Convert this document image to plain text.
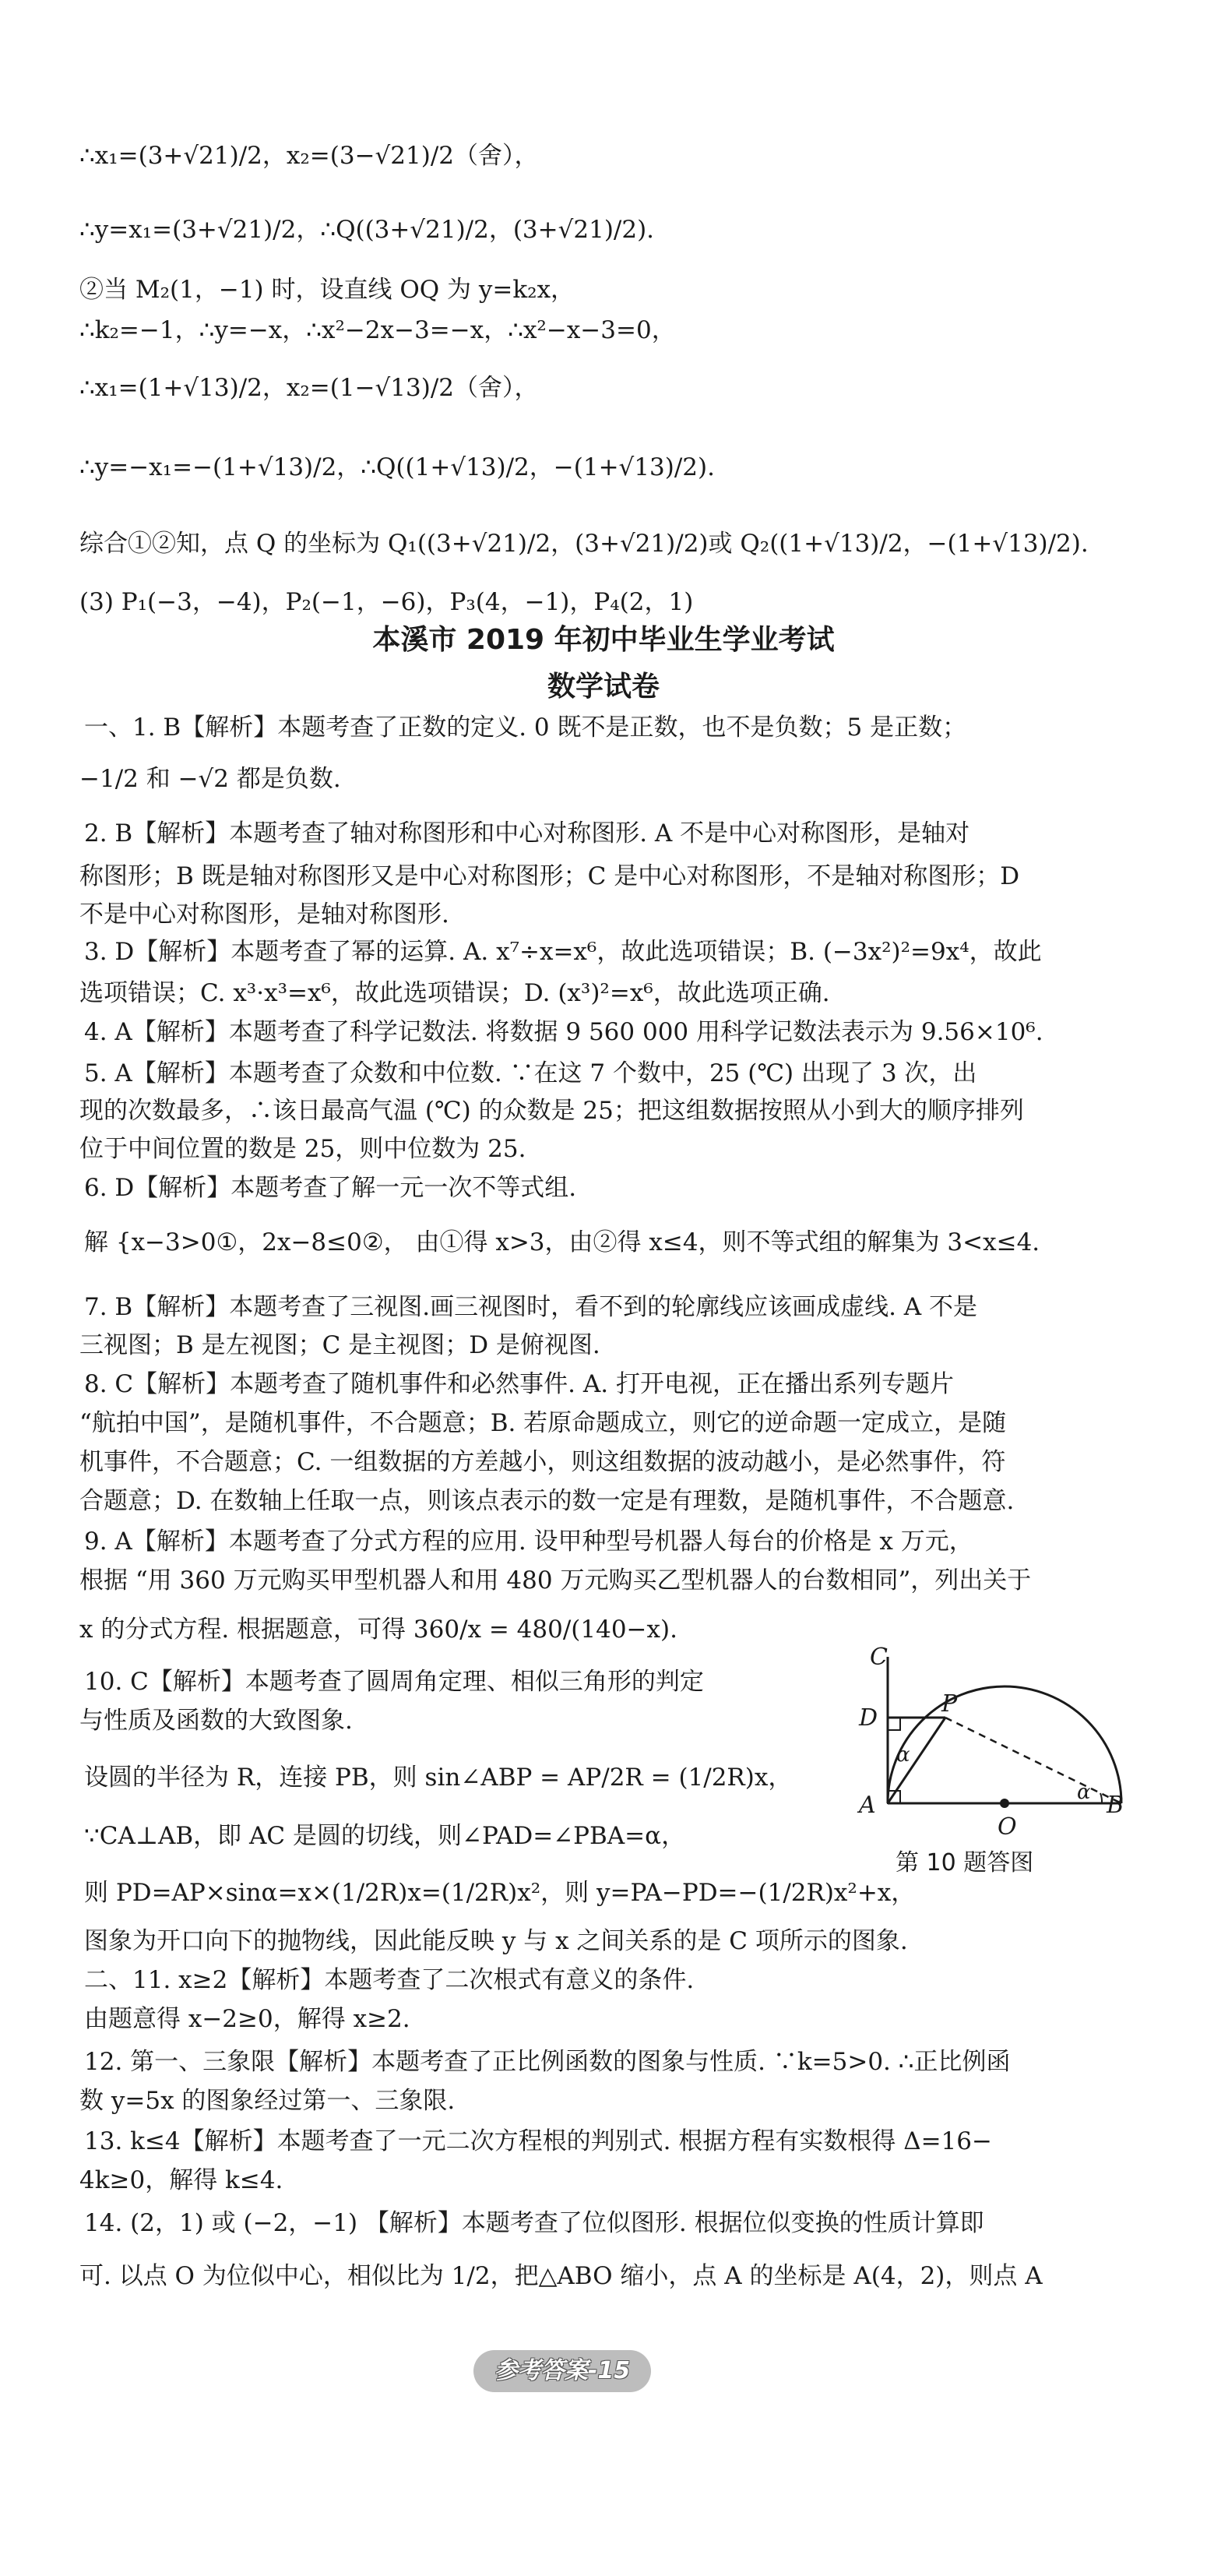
∴x₁=(3+√21)/2，x₂=(3−√21)/2（舍），
∴y=x₁=(3+√21)/2，∴Q((3+√21)/2，(3+√21)/2).
②当 M₂(1，−1) 时，设直线 OQ 为 y=k₂x，
∴k₂=−1，∴y=−x，∴x²−2x−3=−x，∴x²−x−3=0，
∴x₁=(1+√13)/2，x₂=(1−√13)/2（舍），
∴y=−x₁=−(1+√13)/2，∴Q((1+√13)/2，−(1+√13)/2).
综合①②知，点 Q 的坐标为 Q₁((3+√21)/2，(3+√21)/2)或 Q₂((1+√13)/2，−(1+√13)/2).
(3) P₁(−3，−4)，P₂(−1，−6)，P₃(4，−1)，P₄(2，1)
本溪市 2019 年初中毕业生学业考试
数学试卷
一、1. B【解析】本题考查了正数的定义. 0 既不是正数，也不是负数；5 是正数；
−1/2 和 −√2 都是负数.
2. B【解析】本题考查了轴对称图形和中心对称图形. A 不是中心对称图形，是轴对
称图形；B 既是轴对称图形又是中心对称图形；C 是中心对称图形，不是轴对称图形；D
不是中心对称图形，是轴对称图形.
3. D【解析】本题考查了幂的运算. A. x⁷÷x=x⁶，故此选项错误；B. (−3x²)²=9x⁴，故此
选项错误；C. x³·x³=x⁶，故此选项错误；D. (x³)²=x⁶，故此选项正确.
4. A【解析】本题考查了科学记数法. 将数据 9 560 000 用科学记数法表示为 9.56×10⁶.
5. A【解析】本题考查了众数和中位数. ∵在这 7 个数中，25 (℃) 出现了 3 次，出
现的次数最多，∴该日最高气温 (℃) 的众数是 25；把这组数据按照从小到大的顺序排列
位于中间位置的数是 25，则中位数为 25.
6. D【解析】本题考查了解一元一次不等式组.
解 {x−3>0①，2x−8≤0②， 由①得 x>3，由②得 x≤4，则不等式组的解集为 3<x≤4.
7. B【解析】本题考查了三视图.画三视图时，看不到的轮廓线应该画成虚线. A 不是
三视图；B 是左视图；C 是主视图；D 是俯视图.
8. C【解析】本题考查了随机事件和必然事件. A. 打开电视，正在播出系列专题片
“航拍中国”，是随机事件，不合题意；B. 若原命题成立，则它的逆命题一定成立，是随
机事件，不合题意；C. 一组数据的方差越小，则这组数据的波动越小，是必然事件，符
合题意；D. 在数轴上任取一点，则该点表示的数一定是有理数，是随机事件，不合题意.
9. A【解析】本题考查了分式方程的应用. 设甲种型号机器人每台的价格是 x 万元，
根据 “用 360 万元购买甲型机器人和用 480 万元购买乙型机器人的台数相同”，列出关于
x 的分式方程. 根据题意，可得 360/x = 480/(140−x).
10. C【解析】本题考查了圆周角定理、相似三角形的判定
与性质及函数的大致图象.
设圆的半径为 R，连接 PB，则 sin∠ABP = AP/2R = (1/2R)x，
∵CA⊥AB，即 AC 是圆的切线，则∠PAD=∠PBA=α，
则 PD=AP×sinα=x×(1/2R)x=(1/2R)x²，则 y=PA−PD=−(1/2R)x²+x，
图象为开口向下的抛物线，因此能反映 y 与 x 之间关系的是 C 项所示的图象.
二、11. x≥2【解析】本题考查了二次根式有意义的条件.
由题意得 x−2≥0，解得 x≥2.
12. 第一、三象限【解析】本题考查了正比例函数的图象与性质. ∵k=5>0. ∴正比例函
数 y=5x 的图象经过第一、三象限.
13. k≤4【解析】本题考查了一元二次方程根的判别式. 根据方程有实数根得 Δ=16−
4k≥0，解得 k≤4.
14. (2，1) 或 (−2，−1) 【解析】本题考查了位似图形. 根据位似变换的性质计算即
可. 以点 O 为位似中心，相似比为 1/2，把△ABO 缩小，点 A 的坐标是 A(4，2)，则点 A
C
D
P
A
O
B
α
α
第 10 题答图
参考答案-15
